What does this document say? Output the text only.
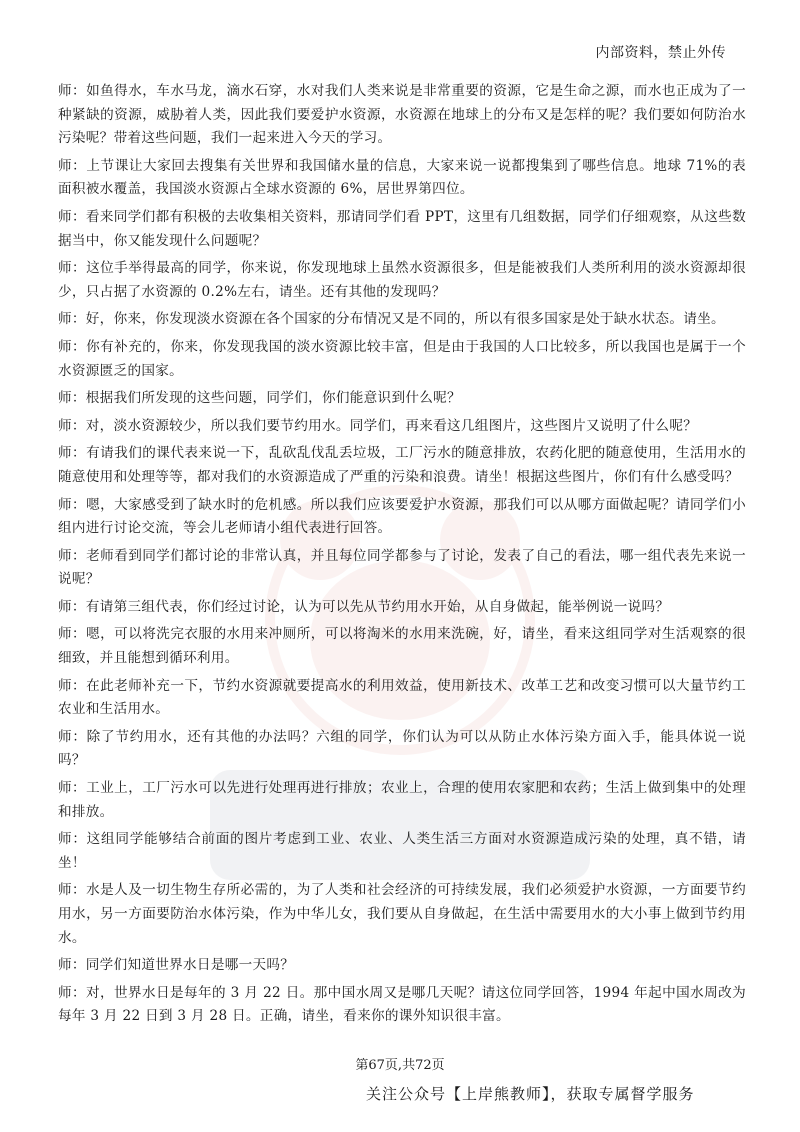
内部资料，禁止外传

师：如鱼得水，车水马龙，滴水石穿，水对我们人类来说是非常重要的资源，它是生命之源，而水也正成为了一种紧缺的资源，威胁着人类，因此我们要爱护水资源，水资源在地球上的分布又是怎样的呢？我们要如何防治水污染呢？带着这些问题，我们一起来进入今天的学习。

师：上节课让大家回去搜集有关世界和我国储水量的信息，大家来说一说都搜集到了哪些信息。地球 71%的表面积被水覆盖，我国淡水资源占全球水资源的 6%，居世界第四位。

师：看来同学们都有积极的去收集相关资料，那请同学们看 PPT，这里有几组数据，同学们仔细观察，从这些数据当中，你又能发现什么问题呢？

师：这位手举得最高的同学，你来说，你发现地球上虽然水资源很多，但是能被我们人类所利用的淡水资源却很少，只占据了水资源的 0.2%左右，请坐。还有其他的发现吗？

师：好，你来，你发现淡水资源在各个国家的分布情况又是不同的，所以有很多国家是处于缺水状态。请坐。

师：你有补充的，你来，你发现我国的淡水资源比较丰富，但是由于我国的人口比较多，所以我国也是属于一个水资源匮乏的国家。

师：根据我们所发现的这些问题，同学们，你们能意识到什么呢？

师：对，淡水资源较少，所以我们要节约用水。同学们，再来看这几组图片，这些图片又说明了什么呢？

师：有请我们的课代表来说一下，乱砍乱伐乱丢垃圾，工厂污水的随意排放，农药化肥的随意使用，生活用水的随意使用和处理等等，都对我们的水资源造成了严重的污染和浪费。请坐！根据这些图片，你们有什么感受吗？

师：嗯，大家感受到了缺水时的危机感。所以我们应该要爱护水资源，那我们可以从哪方面做起呢？请同学们小组内进行讨论交流，等会儿老师请小组代表进行回答。

师：老师看到同学们都讨论的非常认真，并且每位同学都参与了讨论，发表了自己的看法，哪一组代表先来说一说呢？

师：有请第三组代表，你们经过讨论，认为可以先从节约用水开始，从自身做起，能举例说一说吗？

师：嗯，可以将洗完衣服的水用来冲厕所，可以将淘米的水用来洗碗，好，请坐，看来这组同学对生活观察的很细致，并且能想到循环利用。

师：在此老师补充一下，节约水资源就要提高水的利用效益，使用新技术、改革工艺和改变习惯可以大量节约工农业和生活用水。

师：除了节约用水，还有其他的办法吗？六组的同学，你们认为可以从防止水体污染方面入手，能具体说一说吗？

师：工业上，工厂污水可以先进行处理再进行排放；农业上，合理的使用农家肥和农药；生活上做到集中的处理和排放。

师：这组同学能够结合前面的图片考虑到工业、农业、人类生活三方面对水资源造成污染的处理，真不错，请坐！

师：水是人及一切生物生存所必需的，为了人类和社会经济的可持续发展，我们必须爱护水资源，一方面要节约用水，另一方面要防治水体污染，作为中华儿女，我们要从自身做起，在生活中需要用水的大小事上做到节约用水。

师：同学们知道世界水日是哪一天吗？

师：对，世界水日是每年的 3 月 22 日。那中国水周又是哪几天呢？请这位同学回答，1994 年起中国水周改为每年 3 月 22 日到 3 月 28 日。正确，请坐，看来你的课外知识很丰富。

第67页,共72页
关注公众号【上岸熊教师】，获取专属督学服务
